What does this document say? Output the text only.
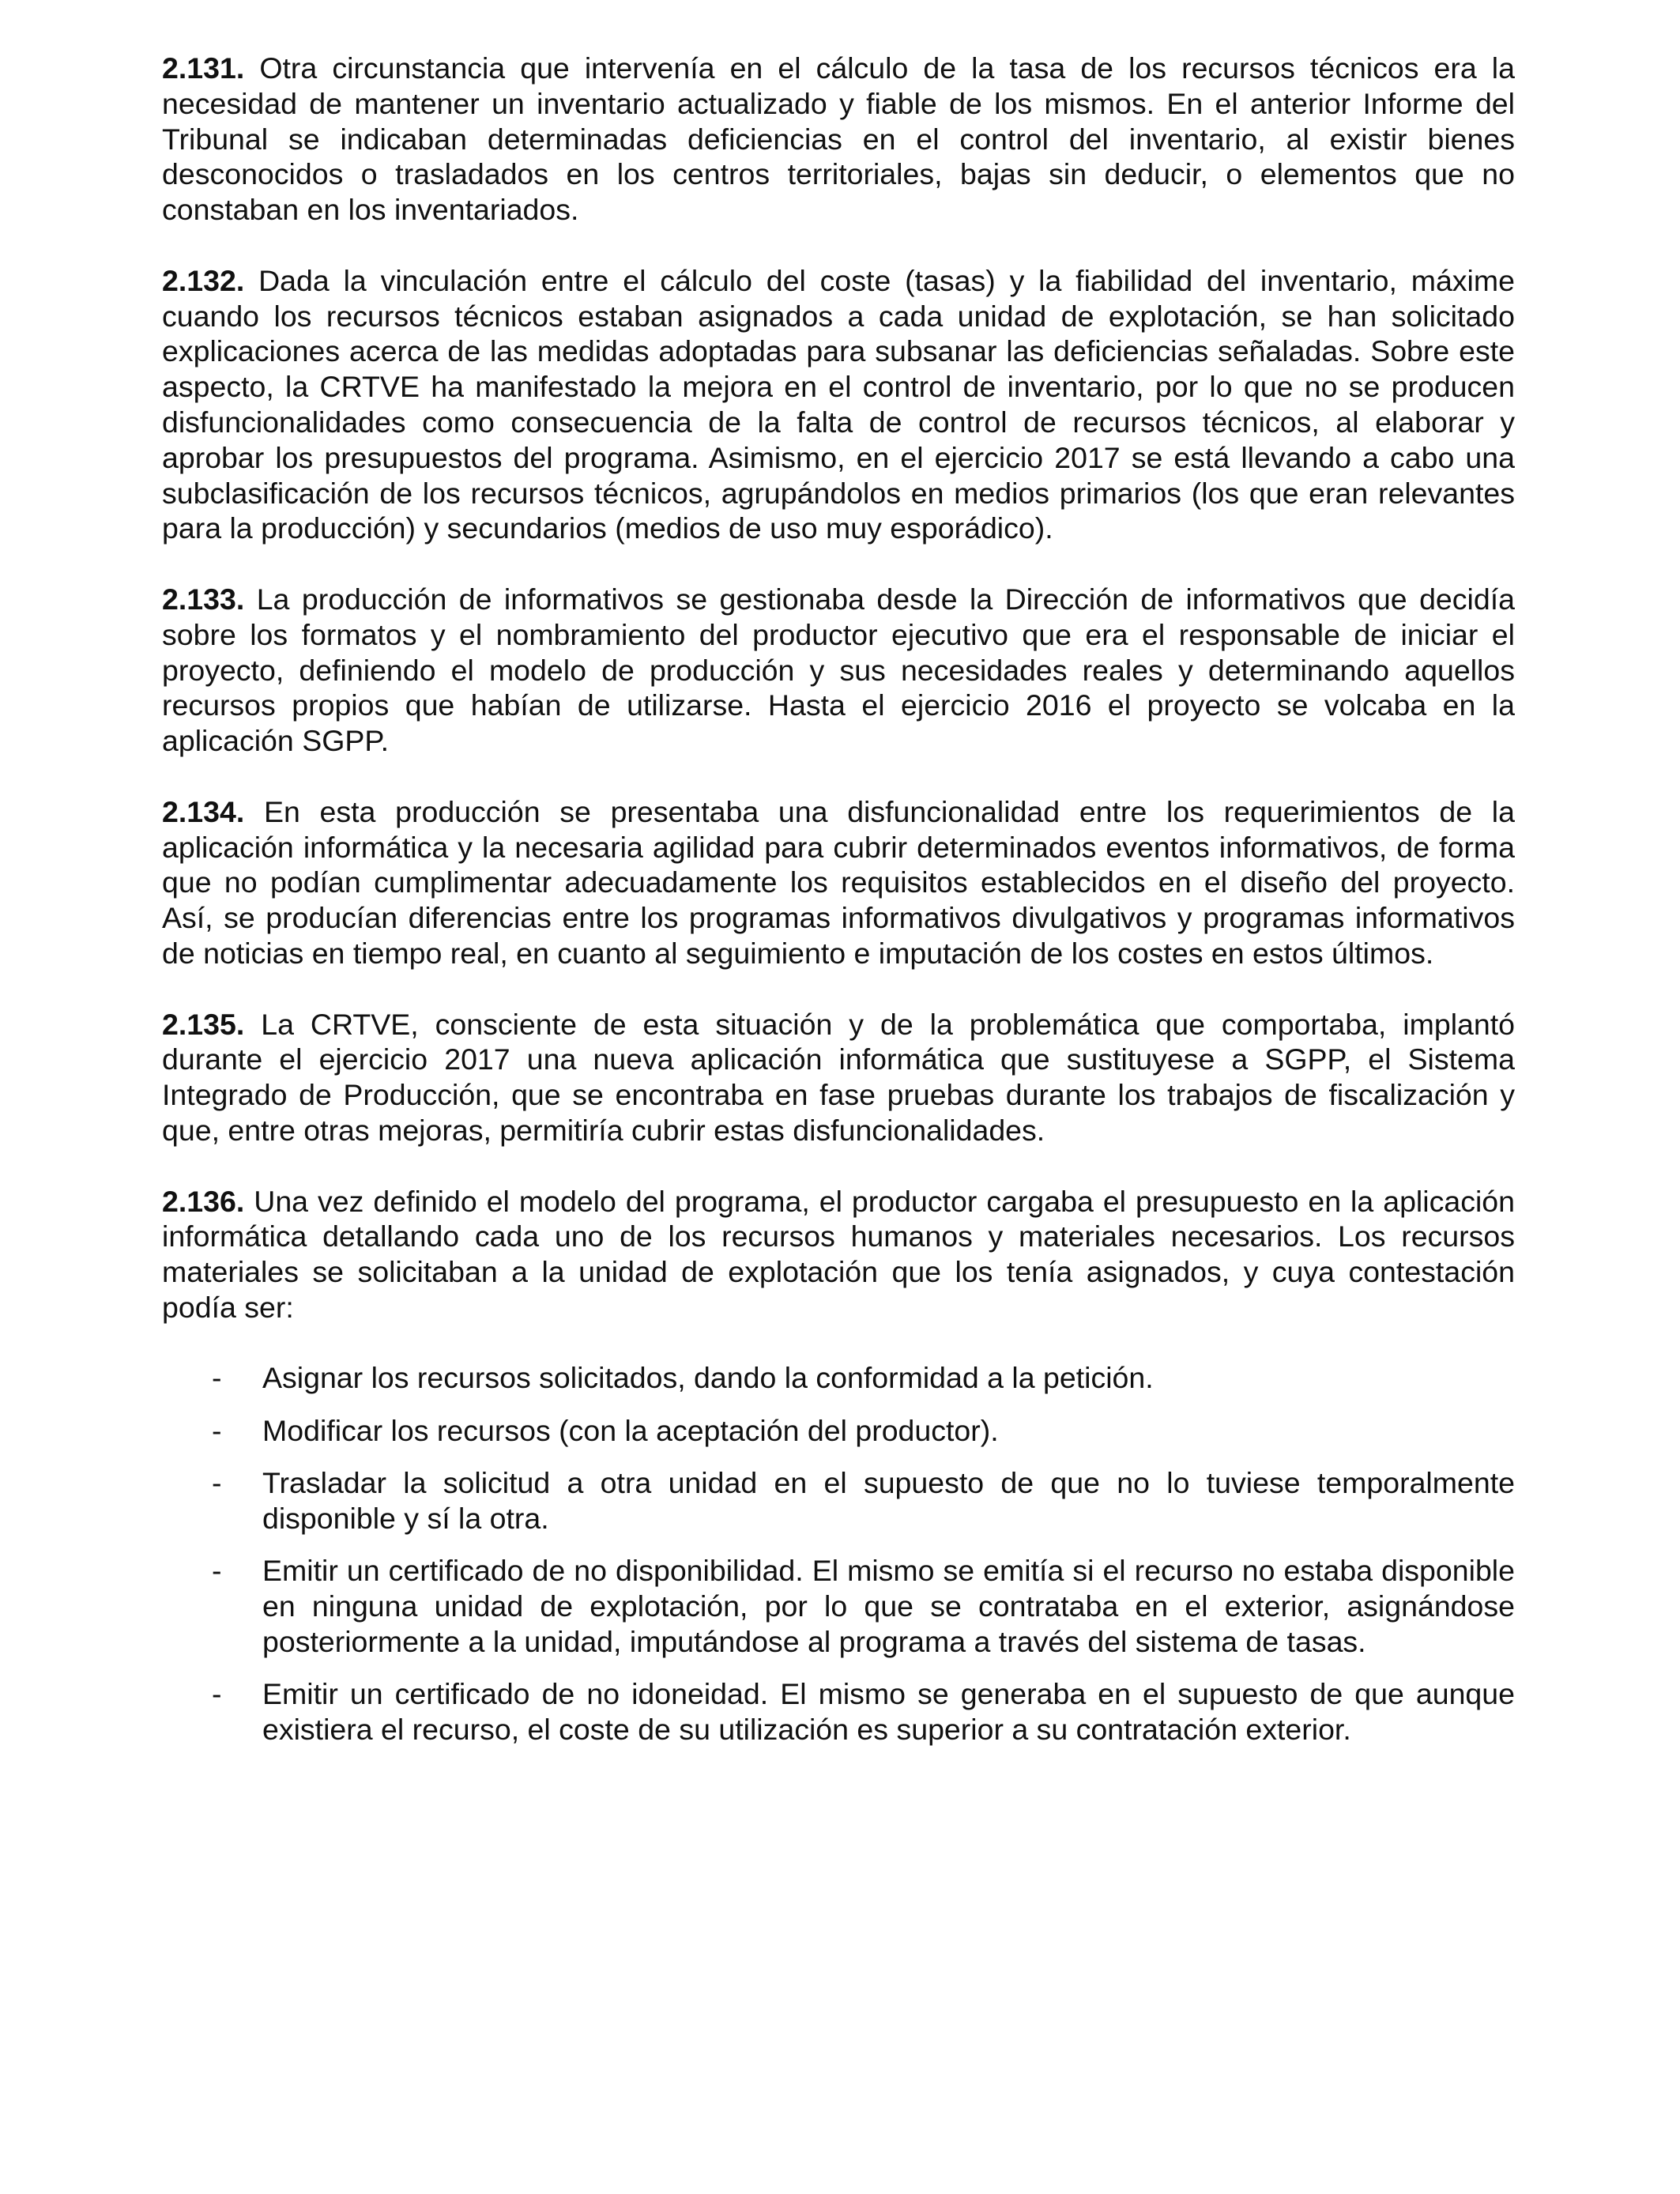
2.131. Otra circunstancia que intervenía en el cálculo de la tasa de los recursos técnicos era la necesidad de mantener un inventario actualizado y fiable de los mismos. En el anterior Informe del Tribunal se indicaban determinadas deficiencias en el control del inventario, al existir bienes desconocidos o trasladados en los centros territoriales, bajas sin deducir, o elementos que no constaban en los inventariados.

2.132. Dada la vinculación entre el cálculo del coste (tasas) y la fiabilidad del inventario, máxime cuando los recursos técnicos estaban asignados a cada unidad de explotación, se han solicitado explicaciones acerca de las medidas adoptadas para subsanar las deficiencias señaladas. Sobre este aspecto, la CRTVE ha manifestado la mejora en el control de inventario, por lo que no se producen disfuncionalidades como consecuencia de la falta de control de recursos técnicos, al elaborar y aprobar los presupuestos del programa. Asimismo, en el ejercicio 2017 se está llevando a cabo una subclasificación de los recursos técnicos, agrupándolos en medios primarios (los que eran relevantes para la producción) y secundarios (medios de uso muy esporádico).

2.133. La producción de informativos se gestionaba desde la Dirección de informativos que decidía sobre los formatos y el nombramiento del productor ejecutivo que era el responsable de iniciar el proyecto, definiendo el modelo de producción y sus necesidades reales y determinando aquellos recursos propios que habían de utilizarse. Hasta el ejercicio 2016 el proyecto se volcaba en la aplicación SGPP.

2.134. En esta producción se presentaba una disfuncionalidad entre los requerimientos de la aplicación informática y la necesaria agilidad para cubrir determinados eventos informativos, de forma que no podían cumplimentar adecuadamente los requisitos establecidos en el diseño del proyecto. Así, se producían diferencias entre los programas informativos divulgativos y programas informativos de noticias en tiempo real, en cuanto al seguimiento e imputación de los costes en estos últimos.

2.135. La CRTVE, consciente de esta situación y de la problemática que comportaba, implantó durante el ejercicio 2017 una nueva aplicación informática que sustituyese a SGPP, el Sistema Integrado de Producción, que se encontraba en fase pruebas durante los trabajos de fiscalización y que, entre otras mejoras, permitiría cubrir estas disfuncionalidades.

2.136. Una vez definido el modelo del programa, el productor cargaba el presupuesto en la aplicación informática detallando cada uno de los recursos humanos y materiales necesarios. Los recursos materiales se solicitaban a la unidad de explotación que los tenía asignados, y cuya contestación podía ser:

- Asignar los recursos solicitados, dando la conformidad a la petición.
- Modificar los recursos (con la aceptación del productor).
- Trasladar la solicitud a otra unidad en el supuesto de que no lo tuviese temporalmente disponible y sí la otra.
- Emitir un certificado de no disponibilidad. El mismo se emitía si el recurso no estaba disponible en ninguna unidad de explotación, por lo que se contrataba en el exterior, asignándose posteriormente a la unidad, imputándose al programa a través del sistema de tasas.
- Emitir un certificado de no idoneidad. El mismo se generaba en el supuesto de que aunque existiera el recurso, el coste de su utilización es superior a su contratación exterior.
